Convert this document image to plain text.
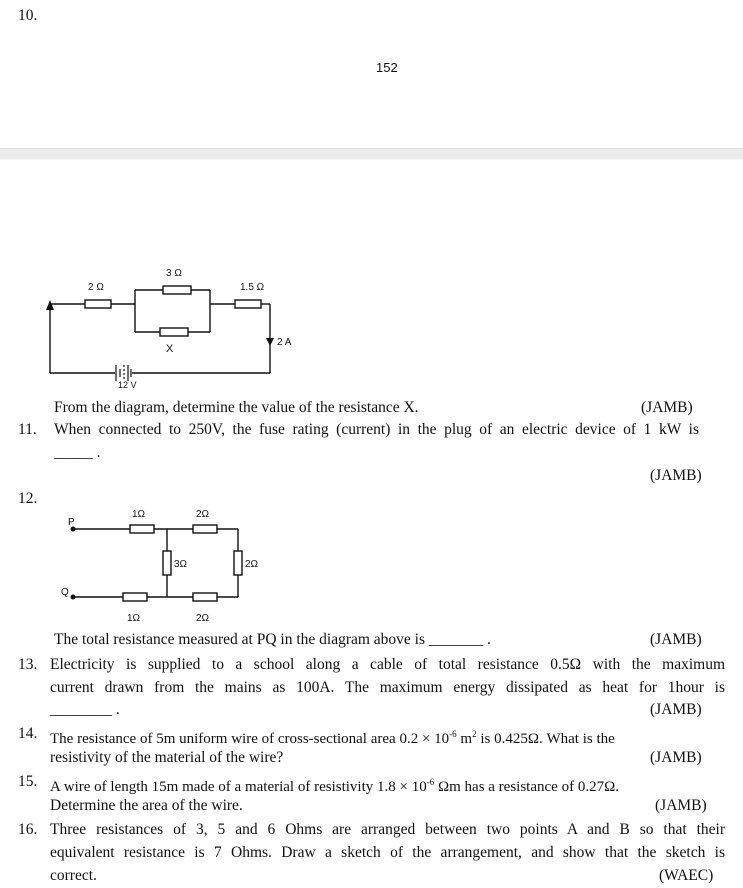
10.
152
2 Ω
3 Ω
1.5 Ω
X
2 A
12 V
From the diagram, determine the value of the resistance X.	(JAMB)
11. When connected to 250V, the fuse rating (current) in the plug of an electric device of 1 kW is
_____ .
(JAMB)
12.
P
Q
1Ω	2Ω
3Ω	2Ω
1Ω	2Ω
The total resistance measured at PQ in the diagram above is _______ .	(JAMB)
13. Electricity is supplied to a school along a cable of total resistance 0.5Ω with the maximum
current drawn from the mains as 100A. The maximum energy dissipated as heat for 1hour is
________ .	(JAMB)
14. The resistance of 5m uniform wire of cross-sectional area $0.2 \times 10^{-6}$ $m^2$ is 0.425Ω. What is the
resistivity of the material of the wire?	(JAMB)
15. A wire of length 15m made of a material of resistivity $1.8 \times 10^{-6}$ Ωm has a resistance of 0.27Ω.
Determine the area of the wire.	(JAMB)
16. Three resistances of 3, 5 and 6 Ohms are arranged between two points A and B so that their
equivalent resistance is 7 Ohms. Draw a sketch of the arrangement, and show that the sketch is
correct.	(WAEC)
